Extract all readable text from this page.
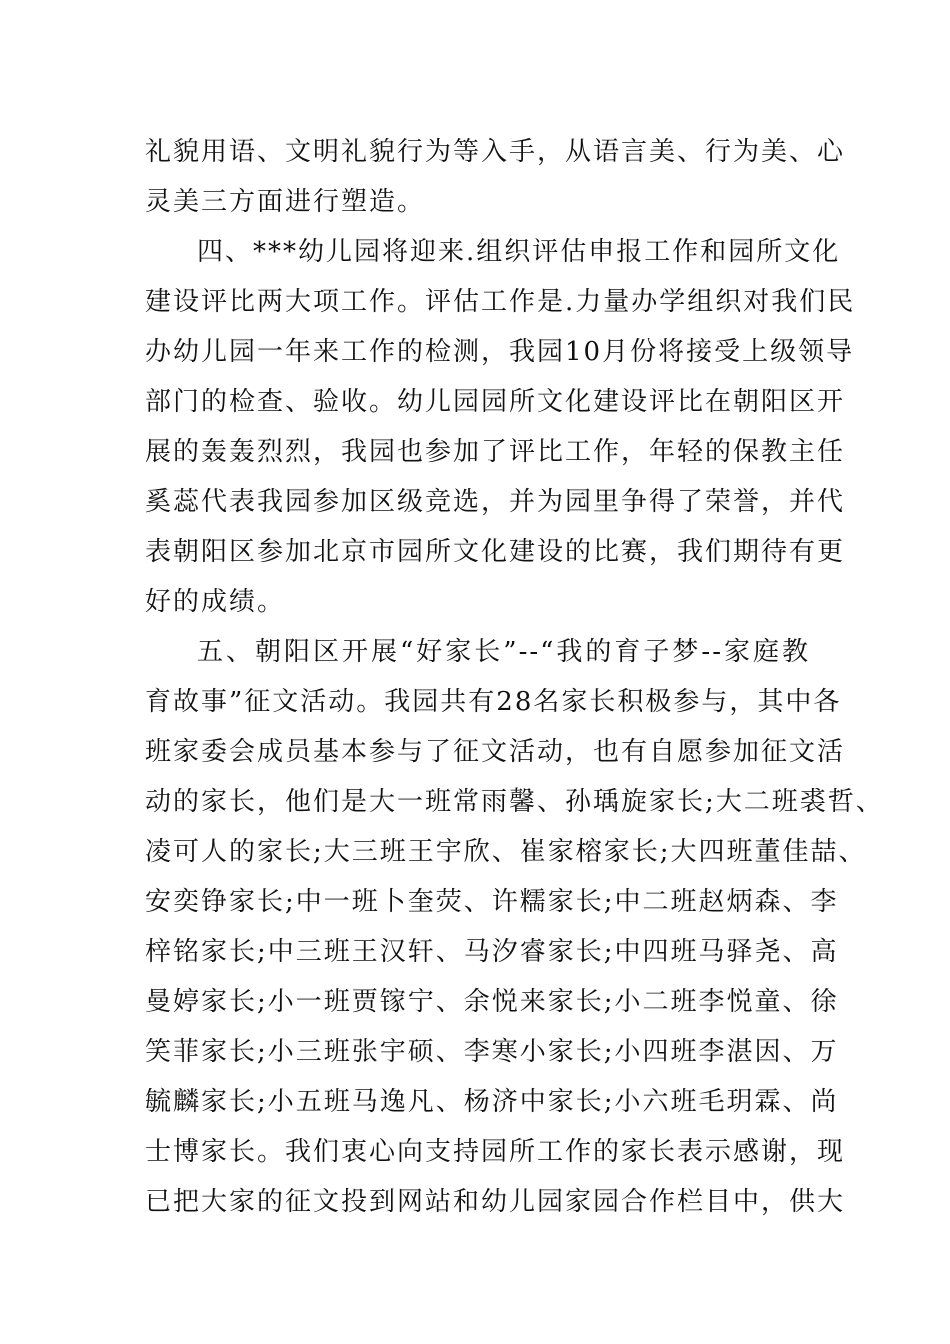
礼貌用语、文明礼貌行为等入手，从语言美、行为美、心
灵美三方面进行塑造。
四、***幼儿园将迎来.组织评估申报工作和园所文化
建设评比两大项工作。评估工作是.力量办学组织对我们民
办幼儿园一年来工作的检测，我园10月份将接受上级领导
部门的检查、验收。幼儿园园所文化建设评比在朝阳区开
展的轰轰烈烈，我园也参加了评比工作，年轻的保教主任
奚蕊代表我园参加区级竞选，并为园里争得了荣誉，并代
表朝阳区参加北京市园所文化建设的比赛，我们期待有更
好的成绩。
五、朝阳区开展“好家长”--“我的育子梦--家庭教
育故事”征文活动。我园共有28名家长积极参与，其中各
班家委会成员基本参与了征文活动，也有自愿参加征文活
动的家长，他们是大一班常雨馨、孙瑀旋家长;大二班裘哲、
凌可人的家长;大三班王宇欣、崔家榕家长;大四班董佳喆、
安奕铮家长;中一班卜奎荧、许糯家长;中二班赵炳森、李
梓铭家长;中三班王汉轩、马汐睿家长;中四班马驿尧、高
曼婷家长;小一班贾镓宁、余悦来家长;小二班李悦童、徐
笑菲家长;小三班张宇硕、李寒小家长;小四班李湛因、万
毓麟家长;小五班马逸凡、杨济中家长;小六班毛玥霖、尚
士博家长。我们衷心向支持园所工作的家长表示感谢，现
已把大家的征文投到网站和幼儿园家园合作栏目中，供大
